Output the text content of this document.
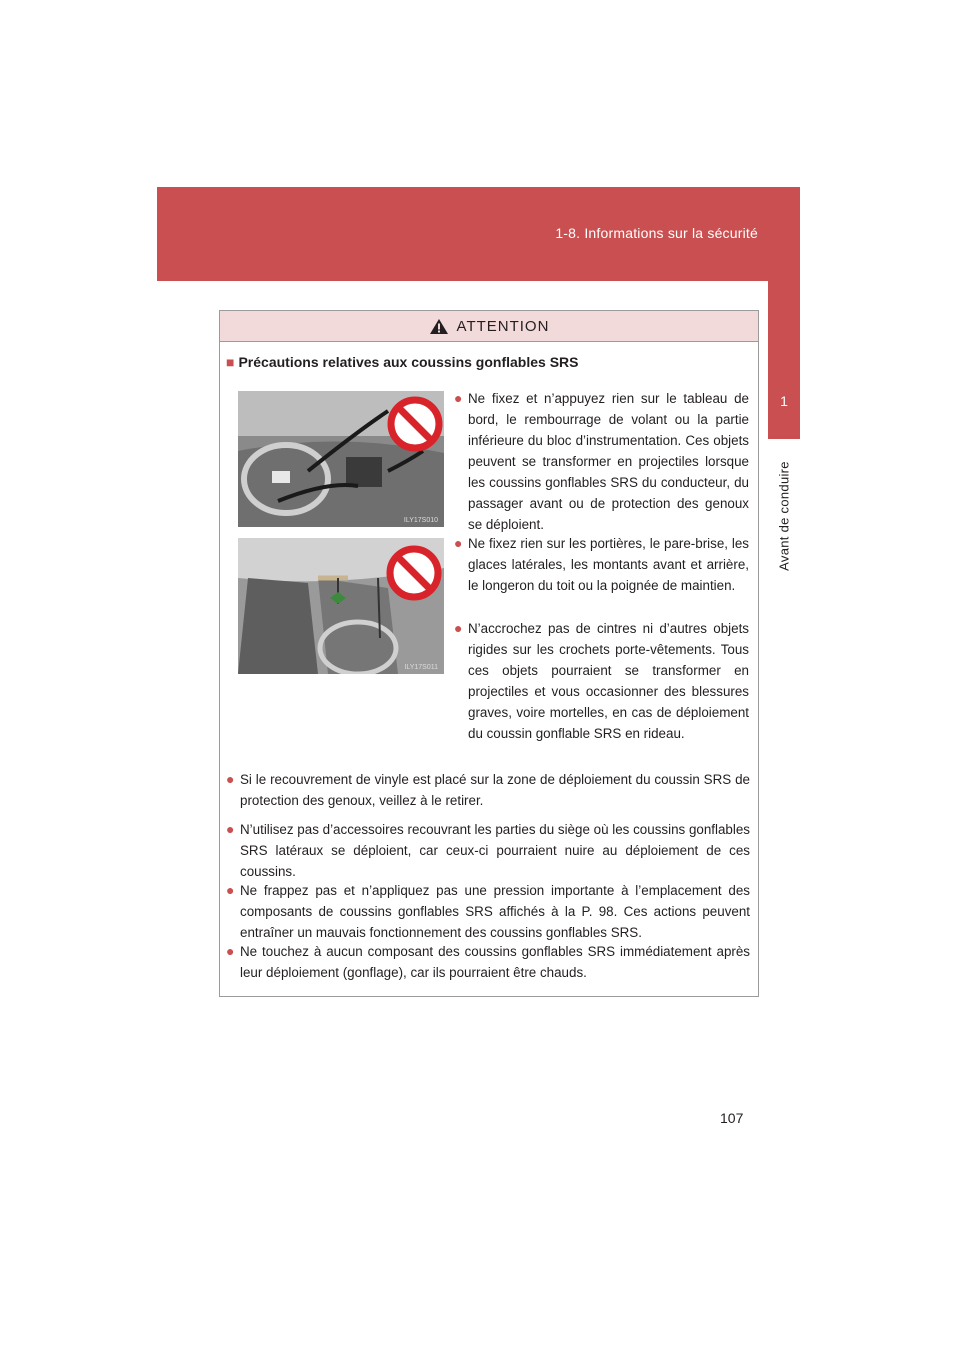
1-8. Informations sur la sécurité
1
Avant de conduire
ATTENTION
■ Précautions relatives aux coussins gonflables SRS
ILY17S010
ILY17S011
● Ne fixez et n’appuyez rien sur le tableau de bord, le rembourrage de volant ou la partie inférieure du bloc d’instrumentation. Ces objets peuvent se transformer en projectiles lorsque les coussins gonflables SRS du conducteur, du passager avant ou de protection des genoux se déploient.
● Ne fixez rien sur les portières, le pare-brise, les glaces latérales, les montants avant et arrière, le longeron du toit ou la poignée de maintien.
● N’accrochez pas de cintres ni d’autres objets rigides sur les crochets porte-vêtements. Tous ces objets pourraient se transformer en projectiles et vous occasionner des blessures graves, voire mortelles, en cas de déploiement du coussin gonflable SRS en rideau.
● Si le recouvrement de vinyle est placé sur la zone de déploiement du coussin SRS de protection des genoux, veillez à le retirer.
● N’utilisez pas d’accessoires recouvrant les parties du siège où les coussins gonflables SRS latéraux se déploient, car ceux-ci pourraient nuire au déploiement de ces coussins.
● Ne frappez pas et n’appliquez pas une pression importante à l’emplacement des composants de coussins gonflables SRS affichés à la P. 98. Ces actions peuvent entraîner un mauvais fonctionnement des coussins gonflables SRS.
● Ne touchez à aucun composant des coussins gonflables SRS immédiatement après leur déploiement (gonflage), car ils pourraient être chauds.
107
